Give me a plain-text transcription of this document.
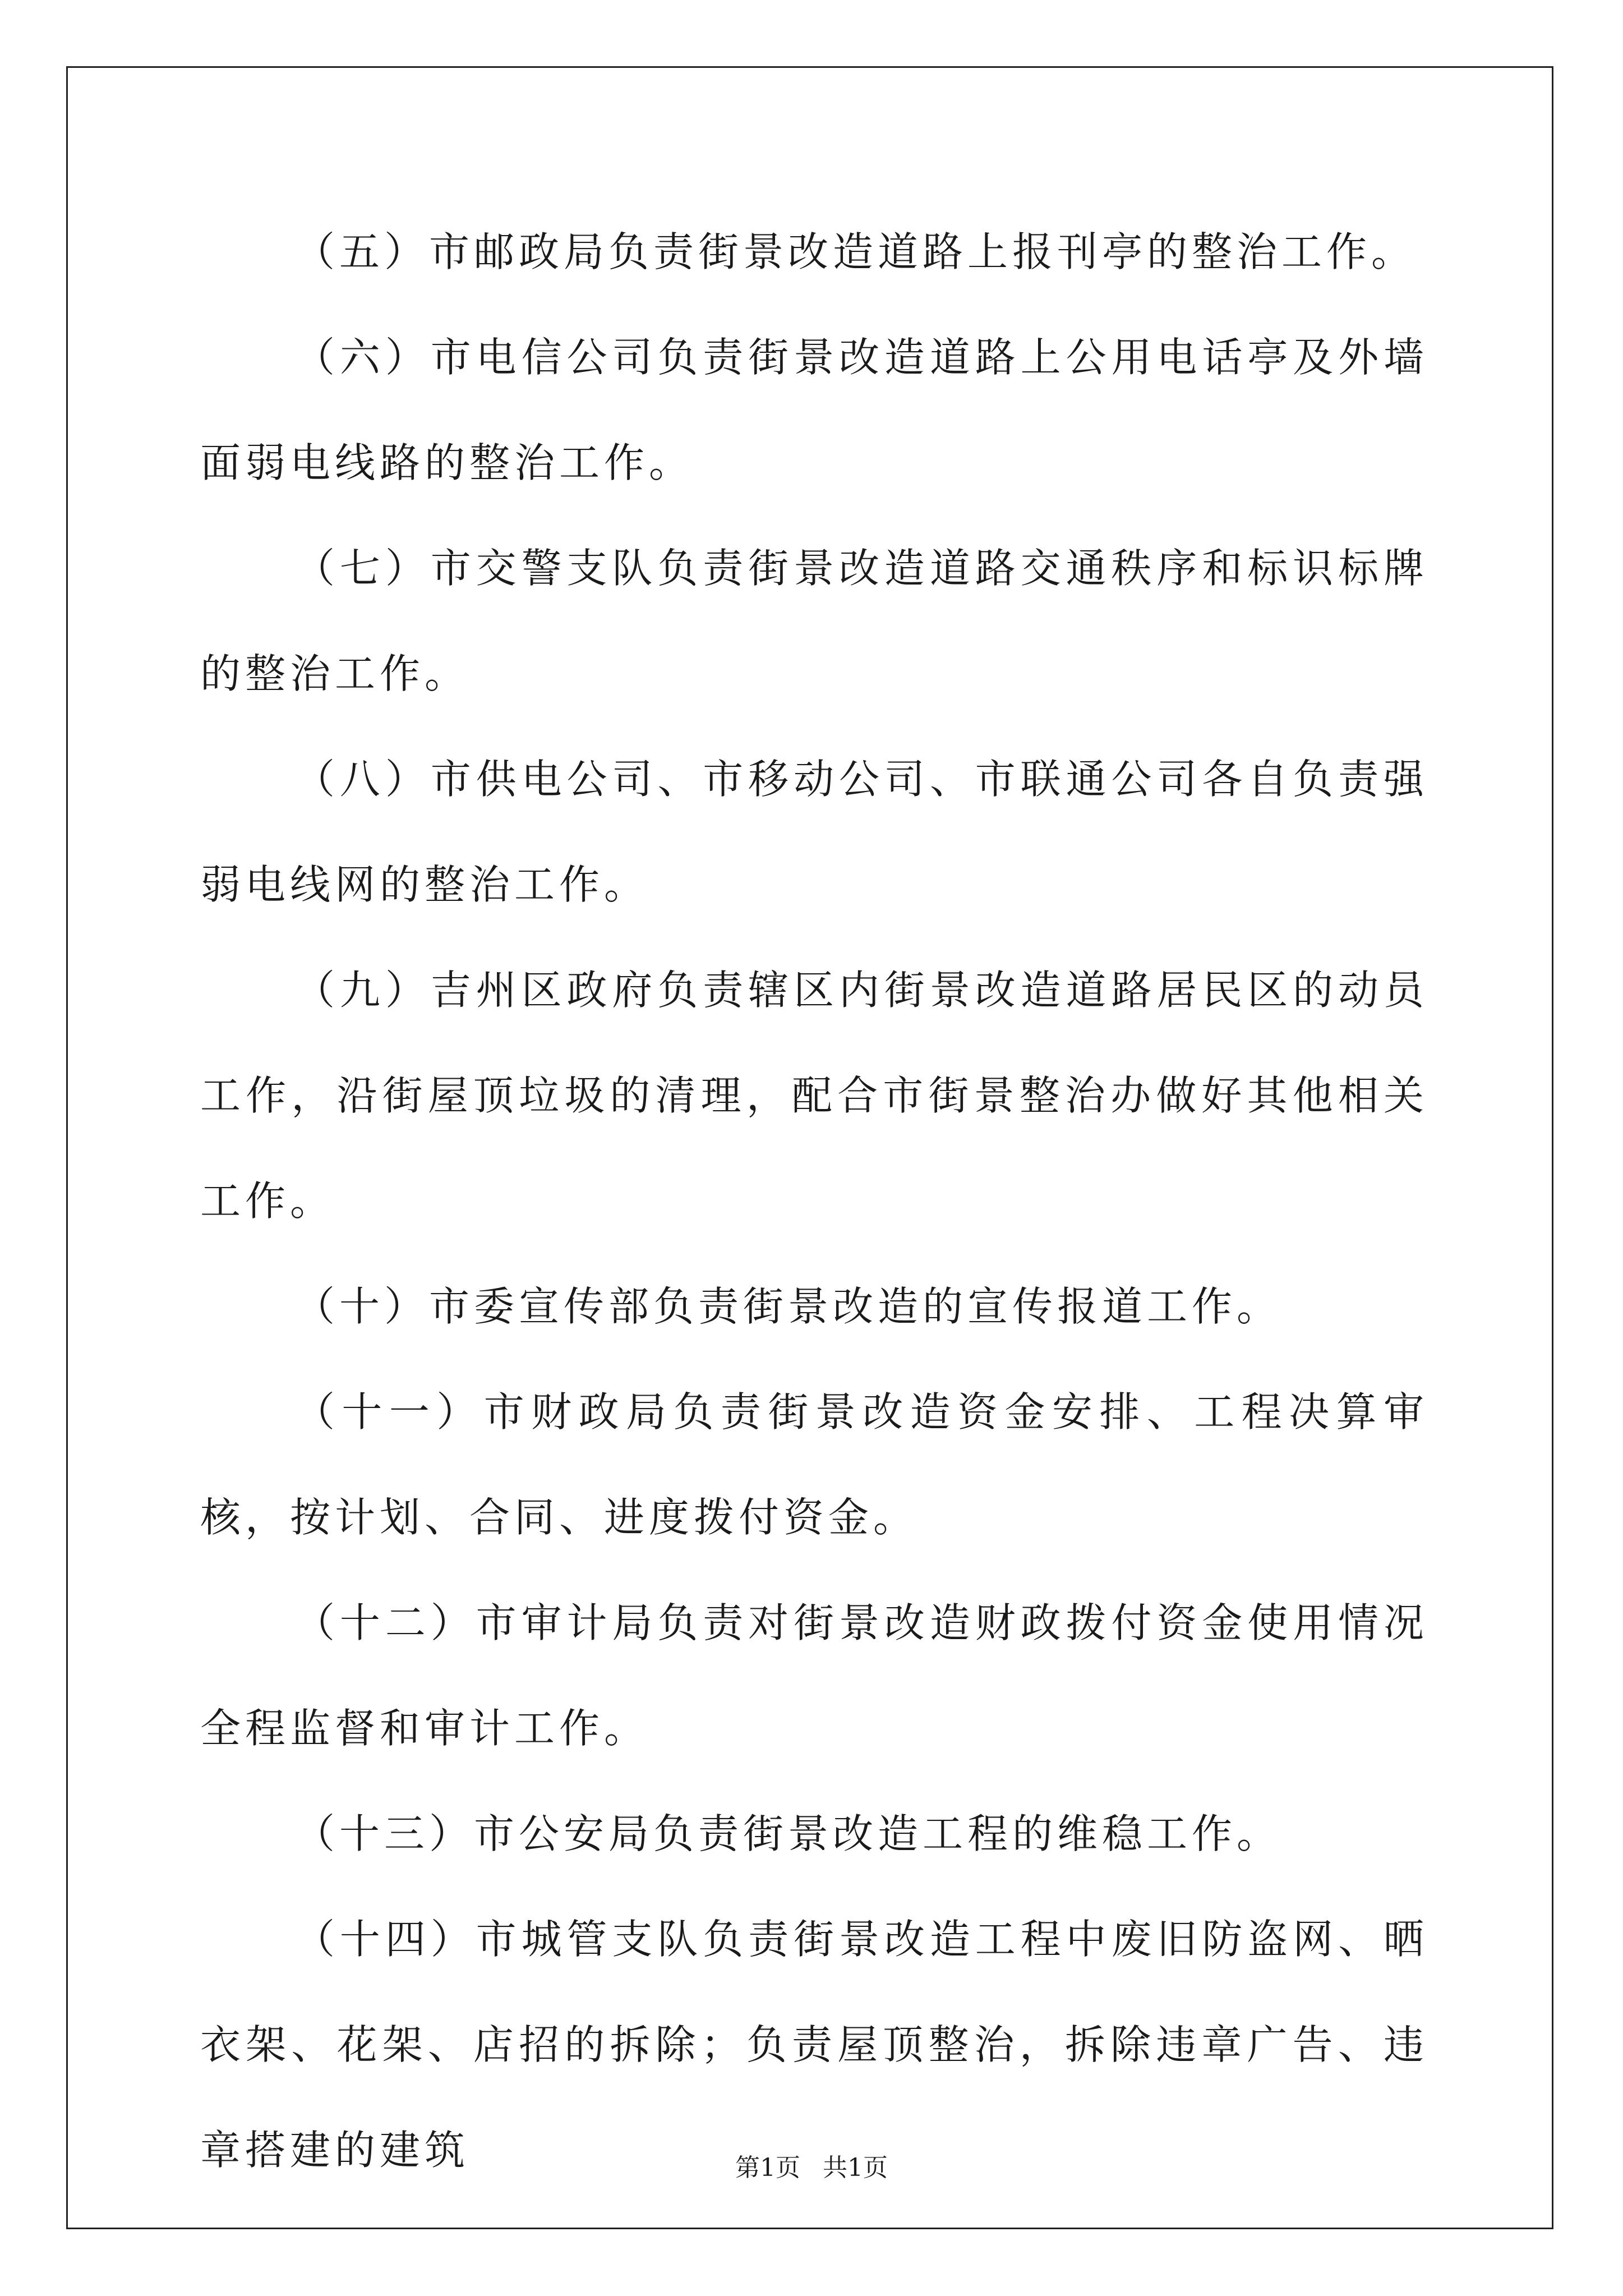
（五）市邮政局负责街景改造道路上报刊亭的整治工作。

（六）市电信公司负责街景改造道路上公用电话亭及外墙面弱电线路的整治工作。

（七）市交警支队负责街景改造道路交通秩序和标识标牌的整治工作。

（八）市供电公司、市移动公司、市联通公司各自负责强弱电线网的整治工作。

（九）吉州区政府负责辖区内街景改造道路居民区的动员工作，沿街屋顶垃圾的清理，配合市街景整治办做好其他相关工作。

（十）市委宣传部负责街景改造的宣传报道工作。

（十一）市财政局负责街景改造资金安排、工程决算审核，按计划、合同、进度拨付资金。

（十二）市审计局负责对街景改造财政拨付资金使用情况全程监督和审计工作。

（十三）市公安局负责街景改造工程的维稳工作。

（十四）市城管支队负责街景改造工程中废旧防盗网、晒衣架、花架、店招的拆除；负责屋顶整治，拆除违章广告、违章搭建的建筑	第1页 共1页
